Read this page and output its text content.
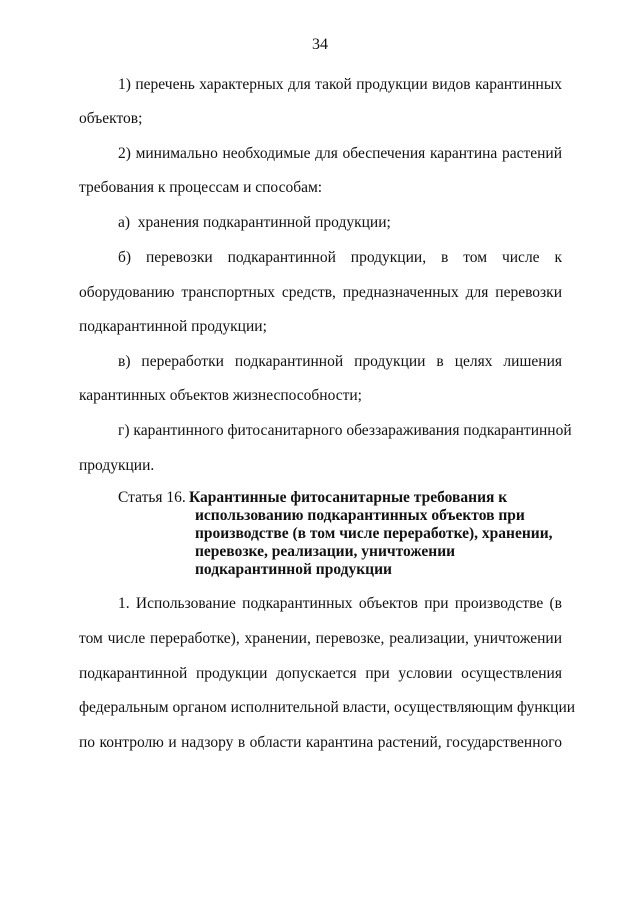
34
1) перечень характерных для такой продукции видов карантинных
объектов;
2) минимально необходимые для обеспечения карантина растений
требования к процессам и способам:
а)  хранения подкарантинной продукции;
б) перевозки подкарантинной продукции, в том числе к
оборудованию транспортных средств, предназначенных для перевозки
подкарантинной продукции;
в) переработки подкарантинной продукции в целях лишения
карантинных объектов жизнеспособности;
г) карантинного фитосанитарного обеззараживания подкарантинной
продукции.
Статья 16. Карантинные фитосанитарные требования к
использованию подкарантинных объектов при
производстве (в том числе переработке), хранении,
перевозке, реализации, уничтожении
подкарантинной продукции
1. Использование подкарантинных объектов при производстве (в
том числе переработке), хранении, перевозке, реализации, уничтожении
подкарантинной продукции допускается при условии осуществления
федеральным органом исполнительной власти, осуществляющим функции
по контролю и надзору в области карантина растений, государственного
